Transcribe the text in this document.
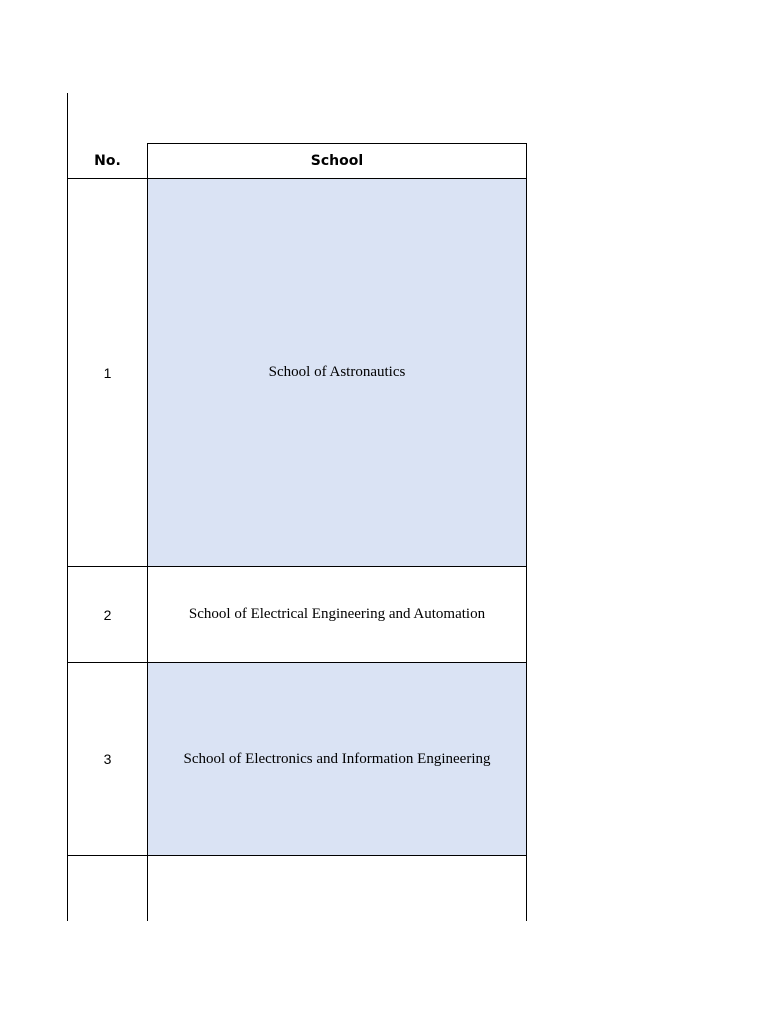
No.	School
1	School of Astronautics
2	School of Electrical Engineering and Automation
3	School of Electronics and Information Engineering
